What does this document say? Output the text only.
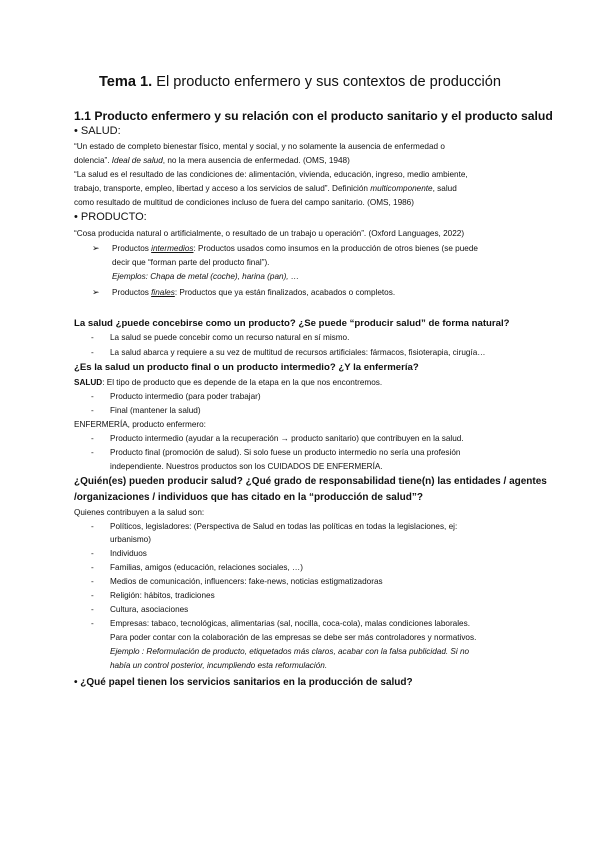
Tema 1. El producto enfermero y sus contextos de producción
1.1 Producto enfermero y su relación con el producto sanitario y el producto salud
• SALUD:
“Un estado de completo bienestar físico, mental y social, y no solamente la ausencia de enfermedad o
dolencia”. Ideal de salud, no la mera ausencia de enfermedad. (OMS, 1948)
“La salud es el resultado de las condiciones de: alimentación, vivienda, educación, ingreso, medio ambiente,
trabajo, transporte, empleo, libertad y acceso a los servicios de salud”. Definición multicomponente, salud
como resultado de multitud de condiciones incluso de fuera del campo sanitario. (OMS, 1986)
• PRODUCTO:
“Cosa producida natural o artificialmente, o resultado de un trabajo u operación”. (Oxford Languages, 2022)
➢ Productos intermedios: Productos usados como insumos en la producción de otros bienes (se puede
decir que “forman parte del producto final”).
Ejemplos: Chapa de metal (coche), harina (pan), …
➢ Productos finales: Productos que ya están finalizados, acabados o completos.
La salud ¿puede concebirse como un producto? ¿Se puede “producir salud” de forma natural?
- La salud se puede concebir como un recurso natural en sí mismo.
- La salud abarca y requiere a su vez de multitud de recursos artificiales: fármacos, fisioterapia, cirugía…
¿Es la salud un producto final o un producto intermedio? ¿Y la enfermería?
SALUD: El tipo de producto que es depende de la etapa en la que nos encontremos.
- Producto intermedio (para poder trabajar)
- Final (mantener la salud)
ENFERMERÍA, producto enfermero:
- Producto intermedio (ayudar a la recuperación → producto sanitario) que contribuyen en la salud.
- Producto final (promoción de salud). Si solo fuese un producto intermedio no sería una profesión
independiente. Nuestros productos son los CUIDADOS DE ENFERMERÍA.
¿Quién(es) pueden producir salud? ¿Qué grado de responsabilidad tiene(n) las entidades / agentes
/organizaciones / individuos que has citado en la “producción de salud”?
Quienes contribuyen a la salud son:
- Políticos, legisladores: (Perspectiva de Salud en todas las políticas en todas la legislaciones, ej:
urbanismo)
- Individuos
- Familias, amigos (educación, relaciones sociales, …)
- Medios de comunicación, influencers: fake-news, noticias estigmatizadoras
- Religión: hábitos, tradiciones
- Cultura, asociaciones
- Empresas: tabaco, tecnológicas, alimentarias (sal, nocilla, coca-cola), malas condiciones laborales.
Para poder contar con la colaboración de las empresas se debe ser más controladores y normativos.
Ejemplo : Reformulación de producto, etiquetados más claros, acabar con la falsa publicidad. Si no
había un control posterior, incumpliendo esta reformulación.
• ¿Qué papel tienen los servicios sanitarios en la producción de salud?
